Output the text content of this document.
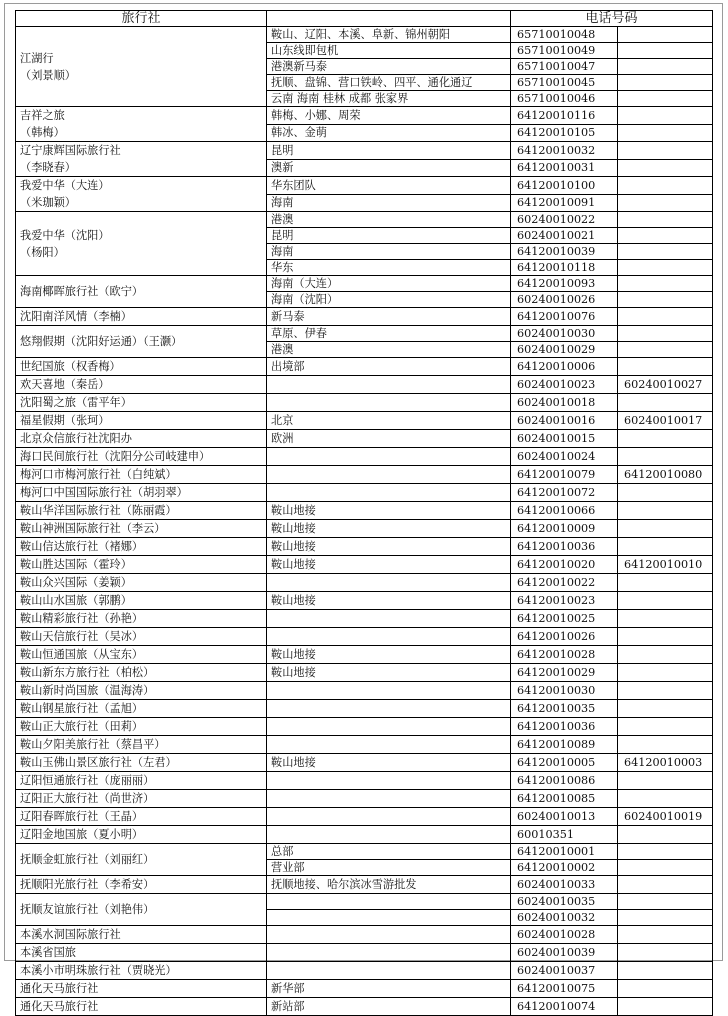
旅行社		电话号码	
江湖行
（刘景顺）	鞍山、辽阳、本溪、阜新、锦州朝阳	65710010048	
	山东线即包机	65710010049	
	港澳新马泰	65710010047	
	抚顺、盘锦、营口铁岭、四平、通化通辽	65710010045	
	云南 海南 桂林 成都 张家界	65710010046	
吉祥之旅
（韩梅）	韩梅、小娜、周荣	64120010116	
	韩冰、金萌	64120010105	
辽宁康辉国际旅行社
（李晓春）	昆明	64120010032	
	澳新	64120010031	
我爱中华（大连）
（米珈颖）	华东团队	64120010100	
	海南	64120010091	
我爱中华（沈阳）
（杨阳）	港澳	60240010022	
	昆明	60240010021	
	海南	64120010039	
	华东	64120010118	
海南椰晖旅行社（欧宁）	海南（大连）	64120010093	
	海南（沈阳）	60240010026	
沈阳南洋风情（李楠）	新马泰	64120010076	
悠翔假期（沈阳好运通）（王灏）	草原、伊春	60240010030	
	港澳	60240010029	
世纪国旅（权香梅）	出境部	64120010006	
欢天喜地（秦岳）		60240010023	60240010027
沈阳蜀之旅（雷平年）		60240010018	
福星假期（张珂）	北京	60240010016	60240010017
北京众信旅行社沈阳办	欧洲	60240010015	
海口民间旅行社（沈阳分公司岐建申）		60240010024	
梅河口市梅河旅行社（白纯斌）		64120010079	64120010080
梅河口中国国际旅行社（胡羽翠）		64120010072	
鞍山华洋国际旅行社（陈丽霞）	鞍山地接	64120010066	
鞍山神洲国际旅行社（李云）	鞍山地接	64120010009	
鞍山信达旅行社（褚娜）	鞍山地接	64120010036	
鞍山胜达国际（霍玲）	鞍山地接	64120010020	64120010010
鞍山众兴国际（姜颖）		64120010022	
鞍山山水国旅（郭鹏）	鞍山地接	64120010023	
鞍山精彩旅行社（孙艳）		64120010025	
鞍山天信旅行社（吴冰）		64120010026	
鞍山恒通国旅（从宝东）	鞍山地接	64120010028	
鞍山新东方旅行社（柏松）	鞍山地接	64120010029	
鞍山新时尚国旅（温海涛）		64120010030	
鞍山钢星旅行社（孟旭）		64120010035	
鞍山正大旅行社（田莉）		64120010036	
鞍山夕阳美旅行社（蔡昌平）		64120010089	
鞍山玉佛山景区旅行社（左君）	鞍山地接	64120010005	64120010003
辽阳恒通旅行社（庞丽丽）		64120010086	
辽阳正大旅行社（尚世济）		64120010085	
辽阳春晖旅行社（王晶）		60240010013	60240010019
辽阳金地国旅（夏小明）		60010351	
抚顺金虹旅行社（刘丽红）	总部	64120010001	
	营业部	64120010002	
抚顺阳光旅行社（李希安）	抚顺地接、哈尔滨冰雪游批发	60240010033	
抚顺友谊旅行社（刘艳伟）		60240010035	
		60240010032	
本溪水洞国际旅行社		60240010028	
本溪省国旅		60240010039	
本溪小市明珠旅行社（贾晓光）		60240010037	
通化天马旅行社	新华部	64120010075	
通化天马旅行社	新站部	64120010074	
